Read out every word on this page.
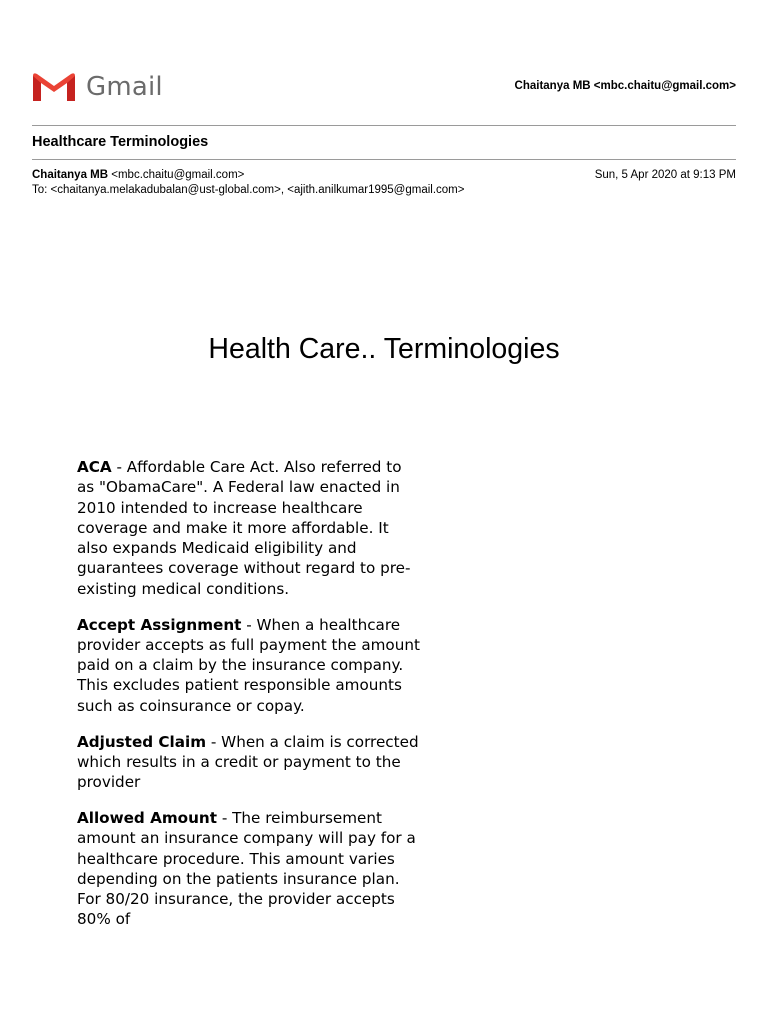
Gmail	Chaitanya MB <mbc.chaitu@gmail.com>
Healthcare Terminologies
Chaitanya MB <mbc.chaitu@gmail.com>	Sun, 5 Apr 2020 at 9:13 PM
To: <chaitanya.melakadubalan@ust-global.com>, <ajith.anilkumar1995@gmail.com>
Health Care.. Terminologies

ACA - Affordable Care Act. Also referred to as "ObamaCare". A Federal law enacted in 2010 intended to increase healthcare coverage and make it more affordable. It also expands Medicaid eligibility and guarantees coverage without regard to pre-existing medical conditions.

Accept Assignment - When a healthcare provider accepts as full payment the amount paid on a claim by the insurance company. This excludes patient responsible amounts such as coinsurance or copay.

Adjusted Claim - When a claim is corrected which results in a credit or payment to the provider

Allowed Amount - The reimbursement amount an insurance company will pay for a healthcare procedure. This amount varies depending on the patients insurance plan. For 80/20 insurance, the provider accepts 80% of
